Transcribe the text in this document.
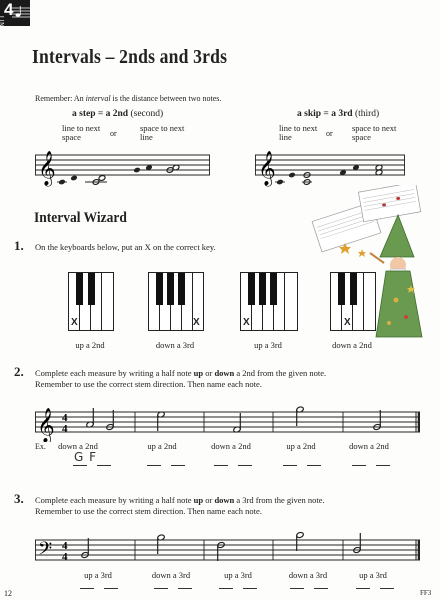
4
UNIT
Intervals – 2nds and 3rds
Remember: An interval is the distance between two notes.
a step = a 2nd (second)
line to next space	or
space to next line
a skip = a 3rd (third)
line to next line	or
space to next space
𝄞	𝄞
Interval Wizard
1. On the keyboards below, put an X on the correct key.
X
up a 2nd
X
down a 3rd
X
up a 3rd
X
down a 2nd
2. Complete each measure by writing a half note up or down a 2nd from the given note.
Remember to use the correct stem direction. Then name each note.
𝄞 4
4
Ex.	down a 2nd	up a 2nd	down a 2nd	up a 2nd	down a 2nd
G F
3. Complete each measure by writing a half note up or down a 3rd from the given note.
Remember to use the correct stem direction. Then name each note.
𝄢 4
4
up a 3rd	down a 3rd	up a 3rd	down a 3rd	up a 3rd
12	FF3
